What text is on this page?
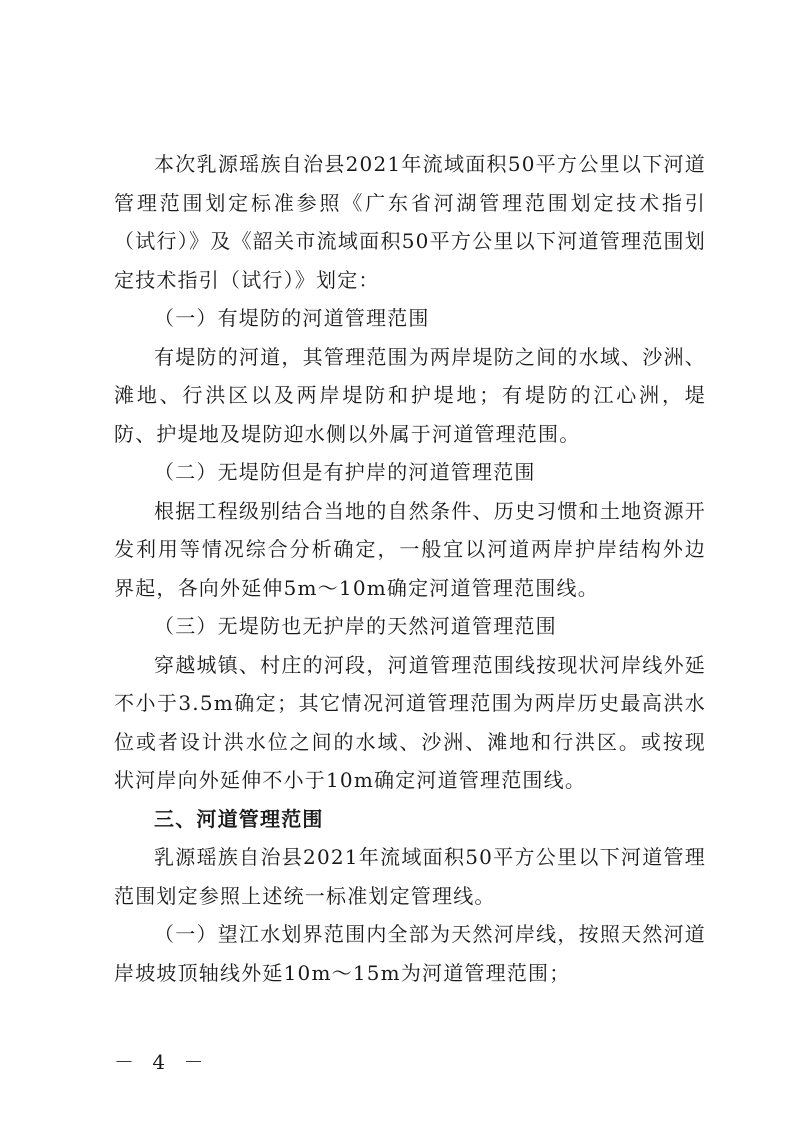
本次乳源瑶族自治县2021年流域面积50平方公里以下河道管理范围划定标准参照《广东省河湖管理范围划定技术指引（试行）》及《韶关市流域面积50平方公里以下河道管理范围划定技术指引（试行）》划定：

（一）有堤防的河道管理范围

有堤防的河道，其管理范围为两岸堤防之间的水域、沙洲、滩地、行洪区以及两岸堤防和护堤地；有堤防的江心洲，堤防、护堤地及堤防迎水侧以外属于河道管理范围。

（二）无堤防但是有护岸的河道管理范围

根据工程级别结合当地的自然条件、历史习惯和土地资源开发利用等情况综合分析确定，一般宜以河道两岸护岸结构外边界起，各向外延伸5m～10m确定河道管理范围线。

（三）无堤防也无护岸的天然河道管理范围

穿越城镇、村庄的河段，河道管理范围线按现状河岸线外延不小于3.5m确定；其它情况河道管理范围为两岸历史最高洪水位或者设计洪水位之间的水域、沙洲、滩地和行洪区。或按现状河岸向外延伸不小于10m确定河道管理范围线。

三、河道管理范围

乳源瑶族自治县2021年流域面积50平方公里以下河道管理范围划定参照上述统一标准划定管理线。

（一）望江水划界范围内全部为天然河岸线，按照天然河道岸坡坡顶轴线外延10m～15m为河道管理范围；

－ 4 －
